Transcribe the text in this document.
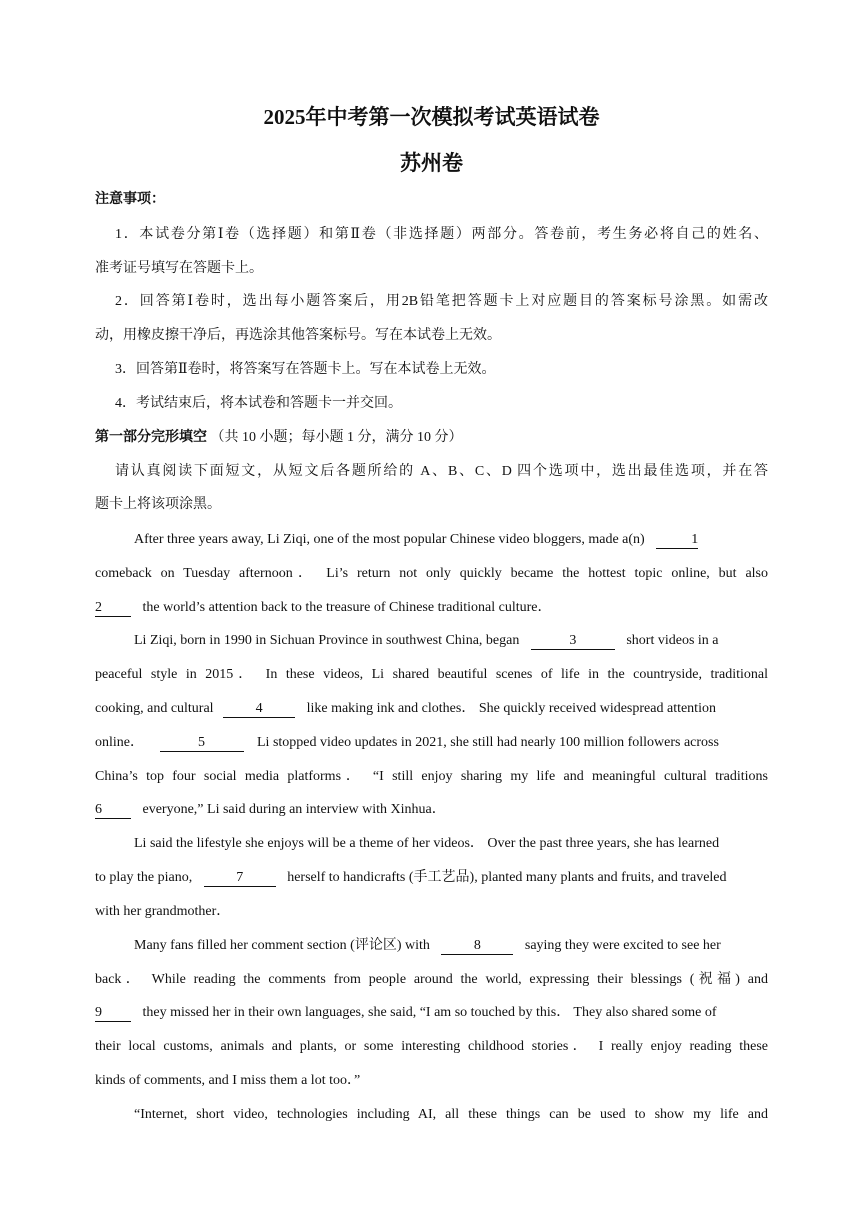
2025年中考第一次模拟考试英语试卷
苏州卷
注意事项：
1．本试卷分第Ⅰ卷（选择题）和第Ⅱ卷（非选择题）两部分。答卷前，考生务必将自己的姓名、
准考证号填写在答题卡上。
2．回答第Ⅰ卷时，选出每小题答案后，用2B铅笔把答题卡上对应题目的答案标号涂黑。如需改
动，用橡皮擦干净后，再选涂其他答案标号。写在本试卷上无效。
3．回答第Ⅱ卷时，将答案写在答题卡上。写在本试卷上无效。
4．考试结束后，将本试卷和答题卡一并交回。
第一部分完形填空 （共 10 小题；每小题 1 分，满分 10 分）
请认真阅读下面短文，从短文后各题所给的 A、B、C、D 四个选项中，选出最佳选项，并在答
题卡上将该项涂黑。
After three years away, Li Ziqi, one of the most popular Chinese video bloggers, made a(n)	1
comeback on Tuesday afternoon． Li’s return not only quickly became the hottest topic online, but also
2	the world’s attention back to the treasure of Chinese traditional culture．
Li Ziqi, born in 1990 in Sichuan Province in southwest China, began	3	short videos in a
peaceful style in 2015． In these videos, Li shared beautiful scenes of life in the countryside, traditional
cooking, and cultural	4	like making ink and clothes． She quickly received widespread attention
online．	5	Li stopped video updates in 2021, she still had nearly 100 million followers across
China’s top four social media platforms． “I still enjoy sharing my life and meaningful cultural traditions
6	everyone,” Li said during an interview with Xinhua．
Li said the lifestyle she enjoys will be a theme of her videos． Over the past three years, she has learned
to play the piano,	7	herself to handicrafts (手工艺品), planted many plants and fruits, and traveled
with her grandmother．
Many fans filled her comment section (评论区) with	8	saying they were excited to see her
back． While reading the comments from people around the world, expressing their blessings (祝福) and
9	they missed her in their own languages, she said, “I am so touched by this． They also shared some of
their local customs, animals and plants, or some interesting childhood stories． I really enjoy reading these
kinds of comments, and I miss them a lot too．”
“Internet, short video, technologies including AI, all these things can be used to show my life and
